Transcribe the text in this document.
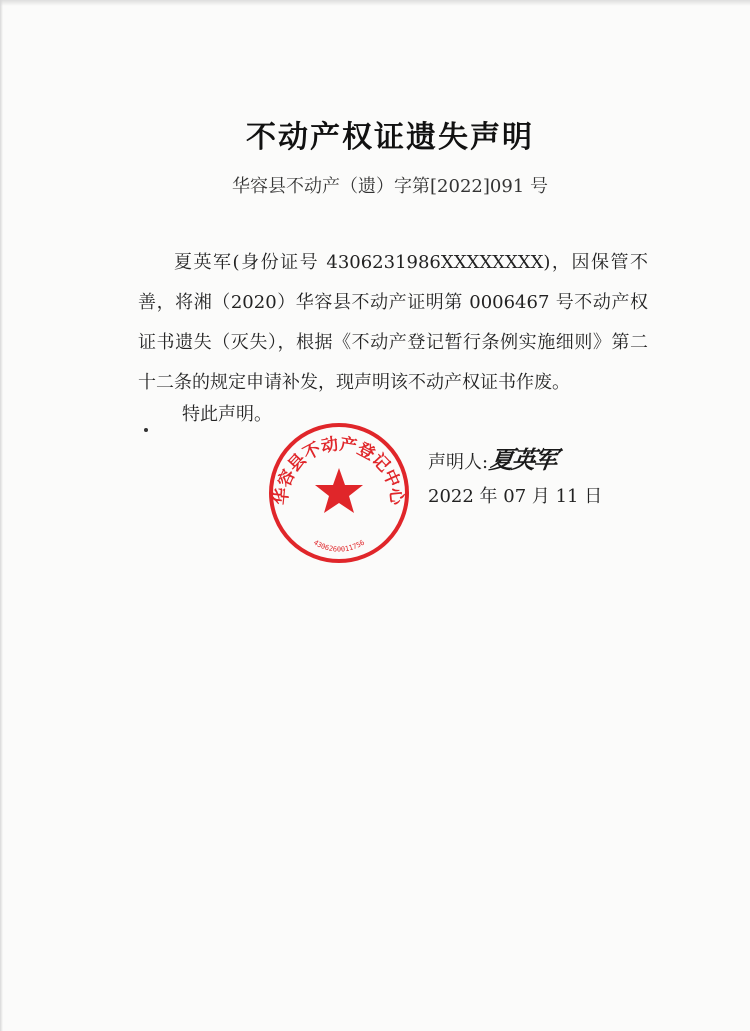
不动产权证遗失声明
华容县不动产（遗）字第[2022]091 号

夏英军(身份证号 4306231986XXXXXXXX)，因保管不善，将湘（2020）华容县不动产证明第 0006467 号不动产权证书遗失（灭失），根据《不动产登记暂行条例实施细则》第二十二条的规定申请补发，现声明该不动产权证书作废。

特此声明。
华容县不动产登记中心
4306260011756
声明人:夏英军
2022 年 07 月 11 日
